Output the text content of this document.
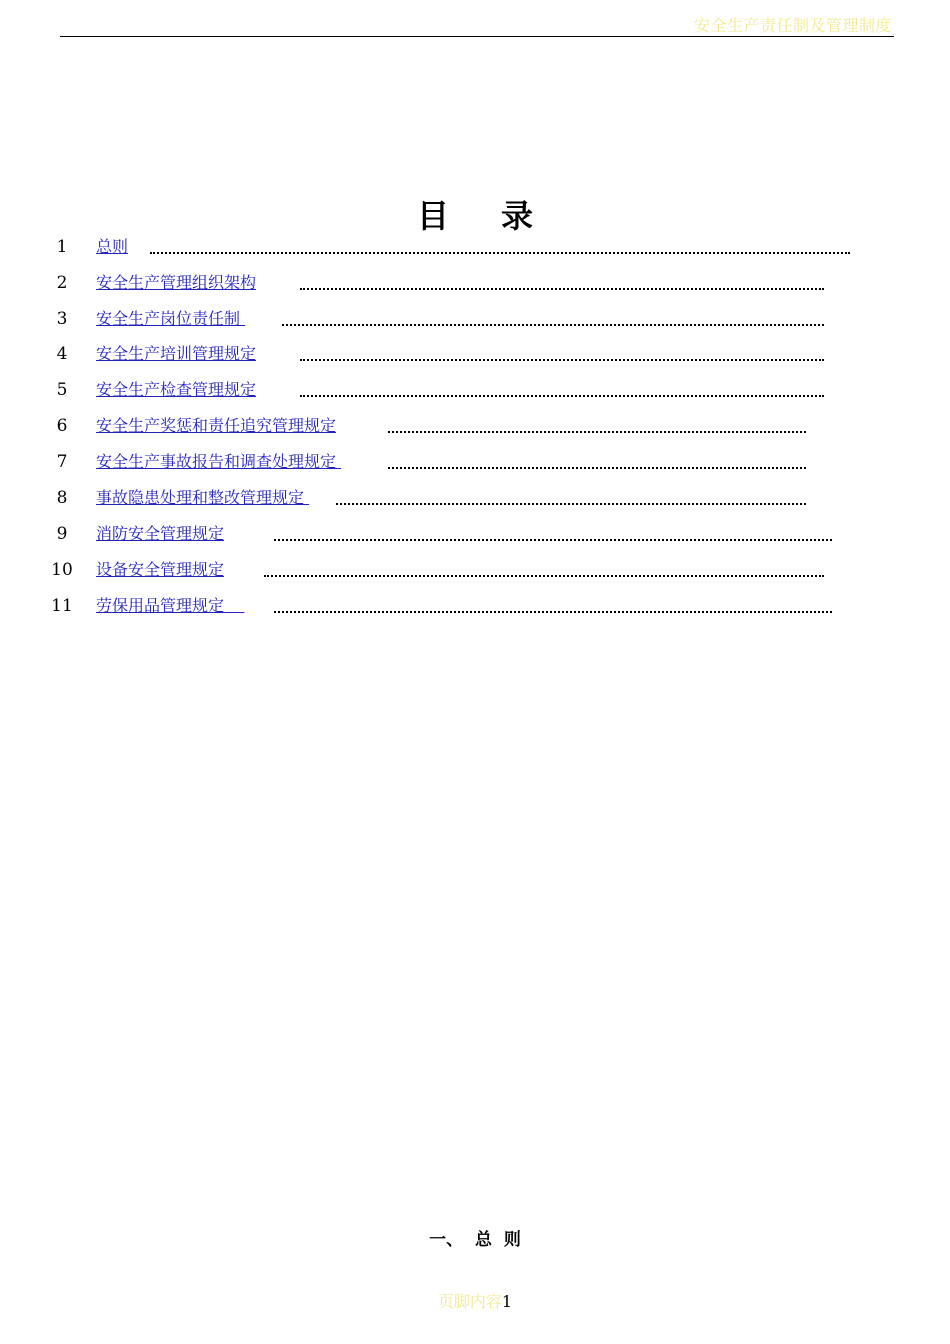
安全生产责任制及管理制度
目录
1	总则
2	安全生产管理组织架构
3	安全生产岗位责任制
4	安全生产培训管理规定
5	安全生产检查管理规定
6	安全生产奖惩和责任追究管理规定
7	安全生产事故报告和调查处理规定
8	事故隐患处理和整改管理规定
9	消防安全管理规定
10 设备安全管理规定
11 劳保用品管理规定
一、  总  则
页脚内容1
